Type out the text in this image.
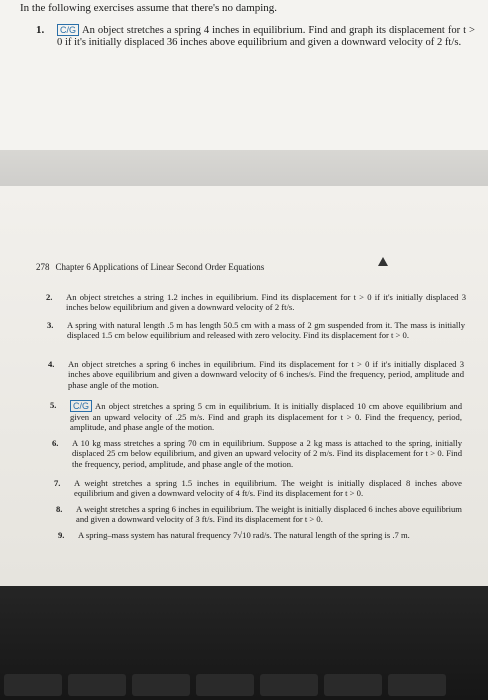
In the following exercises assume that there's no damping.
1.	C/G An object stretches a spring 4 inches in equilibrium. Find and graph its displacement for t > 0 if it's initially displaced 36 inches above equilibrium and given a downward velocity of 2 ft/s.
278 Chapter 6 Applications of Linear Second Order Equations
2. An object stretches a string 1.2 inches in equilibrium. Find its displacement for t > 0 if it's initially displaced 3 inches below equilibrium and given a downward velocity of 2 ft/s.
3. A spring with natural length .5 m has length 50.5 cm with a mass of 2 gm suspended from it. The mass is initially displaced 1.5 cm below equilibrium and released with zero velocity. Find its displacement for t > 0.
4. An object stretches a spring 6 inches in equilibrium. Find its displacement for t > 0 if it's initially displaced 3 inches above equilibrium and given a downward velocity of 6 inches/s. Find the frequency, period, amplitude and phase angle of the motion.
5.	C/G An object stretches a spring 5 cm in equilibrium. It is initially displaced 10 cm above equilibrium and given an upward velocity of .25 m/s. Find and graph its displacement for t > 0. Find the frequency, period, amplitude, and phase angle of the motion.
6. A 10 kg mass stretches a spring 70 cm in equilibrium. Suppose a 2 kg mass is attached to the spring, initially displaced 25 cm below equilibrium, and given an upward velocity of 2 m/s. Find its displacement for t > 0. Find the frequency, period, amplitude, and phase angle of the motion.
7. A weight stretches a spring 1.5 inches in equilibrium. The weight is initially displaced 8 inches above equilibrium and given a downward velocity of 4 ft/s. Find its displacement for t > 0.
8. A weight stretches a spring 6 inches in equilibrium. The weight is initially displaced 6 inches above equilibrium and given a downward velocity of 3 ft/s. Find its displacement for t > 0.
9. A spring–mass system has natural frequency 7√10 rad/s. The natural length of the spring is .7 m.
